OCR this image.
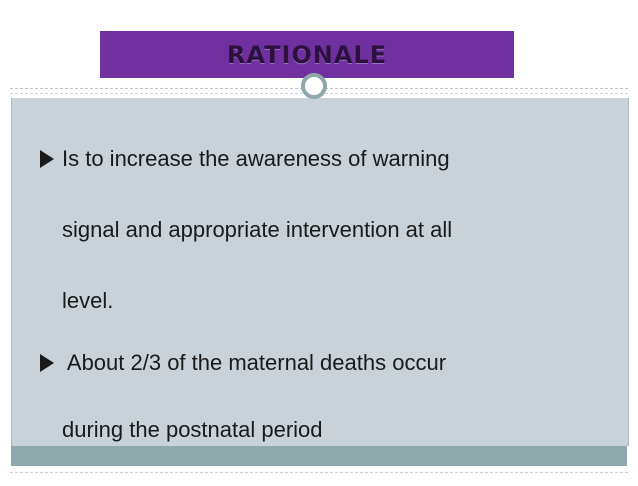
RATIONALE
Is to increase the awareness of warning
signal and appropriate intervention at all
level.
About 2/3 of the maternal deaths occur
during the postnatal period
